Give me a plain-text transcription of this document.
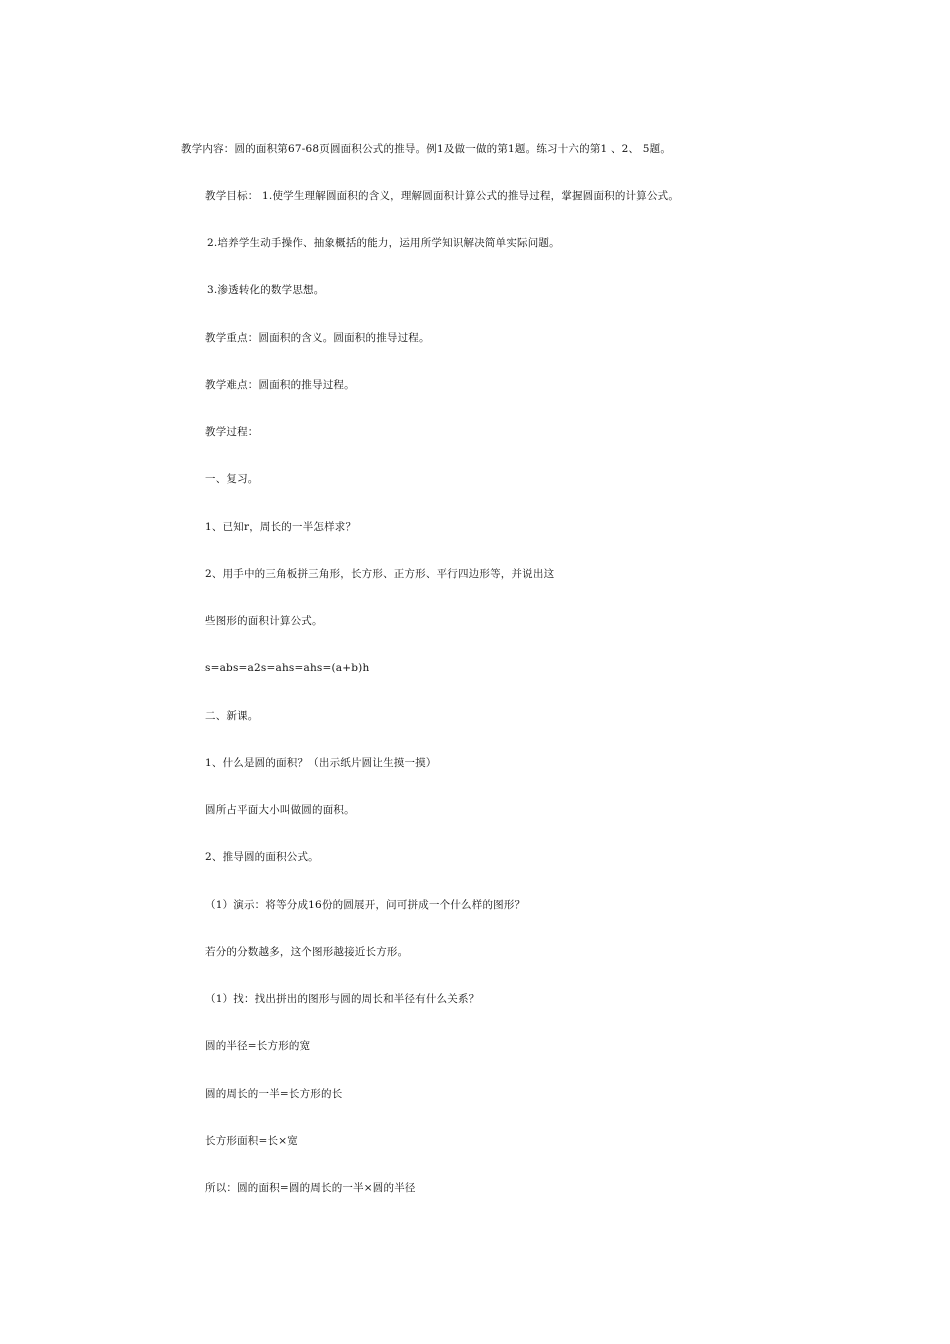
教学内容：圆的面积第67-68页圆面积公式的推导。例1及做一做的第1题。练习十六的第1 、2、 5题。
教学目标： 1.使学生理解圆面积的含义，理解圆面积计算公式的推导过程，掌握圆面积的计算公式。
2.培养学生动手操作、抽象概括的能力，运用所学知识解决简单实际问题。
3.渗透转化的数学思想。
教学重点：圆面积的含义。圆面积的推导过程。
教学难点：圆面积的推导过程。
教学过程：
一、复习。
1、已知r，周长的一半怎样求？
2、用手中的三角板拼三角形，长方形、正方形、平行四边形等，并说出这
些图形的面积计算公式。
s=abs=a2s=ahs=ahs=(a+b)h
二、新课。
1、什么是圆的面积？（出示纸片圆让生摸一摸）
圆所占平面大小叫做圆的面积。
2、推导圆的面积公式。
（1）演示：将等分成16份的圆展开，问可拼成一个什么样的图形？
若分的分数越多，这个图形越接近长方形。
（1）找：找出拼出的图形与圆的周长和半径有什么关系？
圆的半径=长方形的宽
圆的周长的一半=长方形的长
长方形面积=长×宽
所以：圆的面积=圆的周长的一半×圆的半径
